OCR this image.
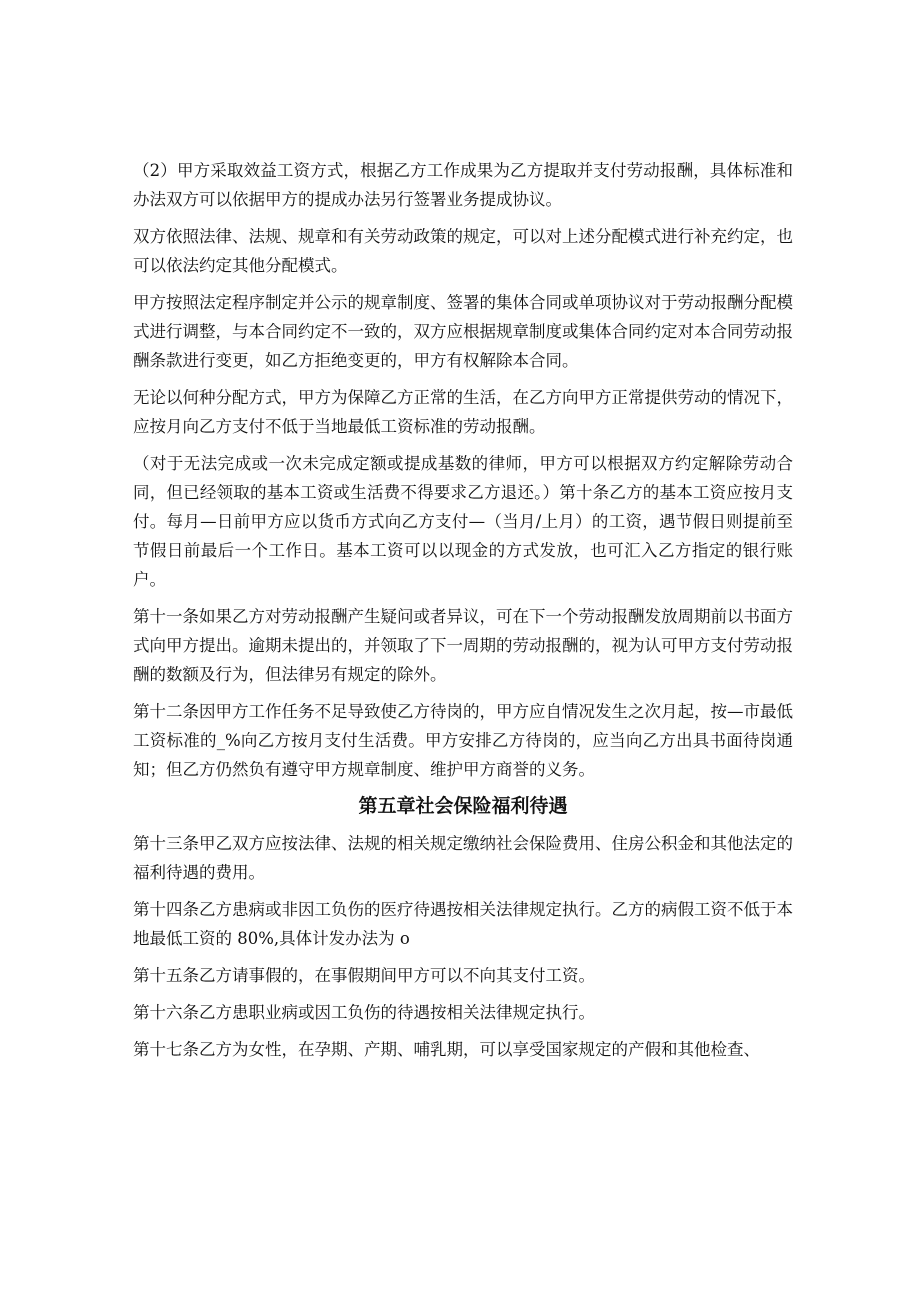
（2）甲方采取效益工资方式，根据乙方工作成果为乙方提取并支付劳动报酬，具体标准和办法双方可以依据甲方的提成办法另行签署业务提成协议。

双方依照法律、法规、规章和有关劳动政策的规定，可以对上述分配模式进行补充约定，也可以依法约定其他分配模式。

甲方按照法定程序制定并公示的规章制度、签署的集体合同或单项协议对于劳动报酬分配模式进行调整，与本合同约定不一致的，双方应根据规章制度或集体合同约定对本合同劳动报酬条款进行变更，如乙方拒绝变更的，甲方有权解除本合同。

无论以何种分配方式，甲方为保障乙方正常的生活，在乙方向甲方正常提供劳动的情况下，应按月向乙方支付不低于当地最低工资标准的劳动报酬。

（对于无法完成或一次未完成定额或提成基数的律师，甲方可以根据双方约定解除劳动合同，但已经领取的基本工资或生活费不得要求乙方退还。）第十条乙方的基本工资应按月支付。每月—日前甲方应以货币方式向乙方支付—（当月/上月）的工资，遇节假日则提前至节假日前最后一个工作日。基本工资可以以现金的方式发放，也可汇入乙方指定的银行账户。

第十一条如果乙方对劳动报酬产生疑问或者异议，可在下一个劳动报酬发放周期前以书面方式向甲方提出。逾期未提出的，并领取了下一周期的劳动报酬的，视为认可甲方支付劳动报酬的数额及行为，但法律另有规定的除外。

第十二条因甲方工作任务不足导致使乙方待岗的，甲方应自情况发生之次月起，按—市最低工资标准的_%向乙方按月支付生活费。甲方安排乙方待岗的，应当向乙方出具书面待岗通知；但乙方仍然负有遵守甲方规章制度、维护甲方商誉的义务。

第五章社会保险福利待遇

第十三条甲乙双方应按法律、法规的相关规定缴纳社会保险费用、住房公积金和其他法定的福利待遇的费用。

第十四条乙方患病或非因工负伤的医疗待遇按相关法律规定执行。乙方的病假工资不低于本地最低工资的 80%,具体计发办法为 o

第十五条乙方请事假的，在事假期间甲方可以不向其支付工资。

第十六条乙方患职业病或因工负伤的待遇按相关法律规定执行。

第十七条乙方为女性，在孕期、产期、哺乳期，可以享受国家规定的产假和其他检查、
